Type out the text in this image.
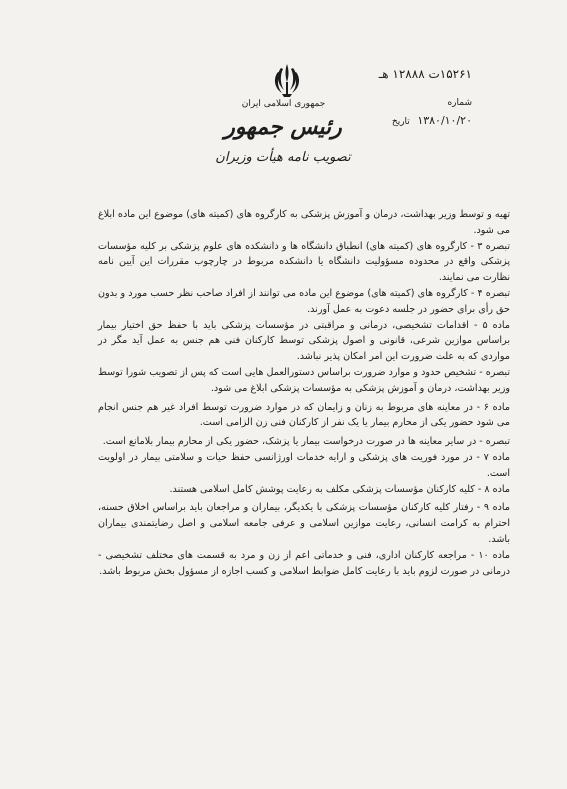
۱۵۲۶۱ت ۱۲۸۸۸ هـ
شماره
۱۳۸۰/۱۰/۲۰ تاریخ
جمهوری اسلامی ایران
رئیس جمهور
تصویب نامه هیأت وزیران

تهیه و توسط وزیر بهداشت، درمان و آموزش پزشکی به کارگروه های (کمیته های) موضوع این ماده ابلاغ می شود.

تبصره ۳ - کارگروه های (کمیته های) انطباق دانشگاه ها و دانشکده های علوم پزشکی بر کلیه مؤسسات پزشکی واقع در محدوده مسؤولیت دانشگاه یا دانشکده مربوط در چارچوب مقررات این آیین نامه نظارت می نمایند.

تبصره ۴ - کارگروه های (کمیته های) موضوع این ماده می توانند از افراد صاحب نظر حسب مورد و بدون حق رأی برای حضور در جلسه دعوت به عمل آورند.

ماده ۵ - اقدامات تشخیصی، درمانی و مراقبتی در مؤسسات پزشکی باید با حفظ حق اختیار بیمار براساس موازین شرعی، قانونی و اصول پزشکی توسط کارکنان فنی هم جنس به عمل آید مگر در مواردی که به علت ضرورت این امر امکان پذیر نباشد.

تبصره - تشخیص حدود و موارد ضرورت براساس دستورالعمل هایی است که پس از تصویب شورا توسط وزیر بهداشت، درمان و آموزش پزشکی به مؤسسات پزشکی ابلاغ می شود.

ماده ۶ - در معاینه های مربوط به زنان و زایمان که در موارد ضرورت توسط افراد غیر هم جنس انجام می شود حضور یکی از محارم بیمار یا یک نفر از کارکنان فنی زن الزامی است.

تبصره - در سایر معاینه ها در صورت درخواست بیمار یا پزشک، حضور یکی از محارم بیمار بلامانع است.

ماده ۷ - در مورد فوریت های پزشکی و ارایه خدمات اورژانسی حفظ حیات و سلامتی بیمار در اولویت است.

ماده ۸ - کلیه کارکنان مؤسسات پزشکی مکلف به رعایت پوشش کامل اسلامی هستند.

ماده ۹ - رفتار کلیه کارکنان مؤسسات پزشکی با یکدیگر، بیماران و مراجعان باید براساس اخلاق حسنه، احترام به کرامت انسانی، رعایت موازین اسلامی و عرفی جامعه اسلامی و اصل رضایتمندی بیماران باشد.

ماده ۱۰ - مراجعه کارکنان اداری، فنی و خدماتی اعم از زن و مرد به قسمت های مختلف تشخیصی - درمانی در صورت لزوم باید با رعایت کامل ضوابط اسلامی و کسب اجازه از مسؤول بخش مربوط باشد.
